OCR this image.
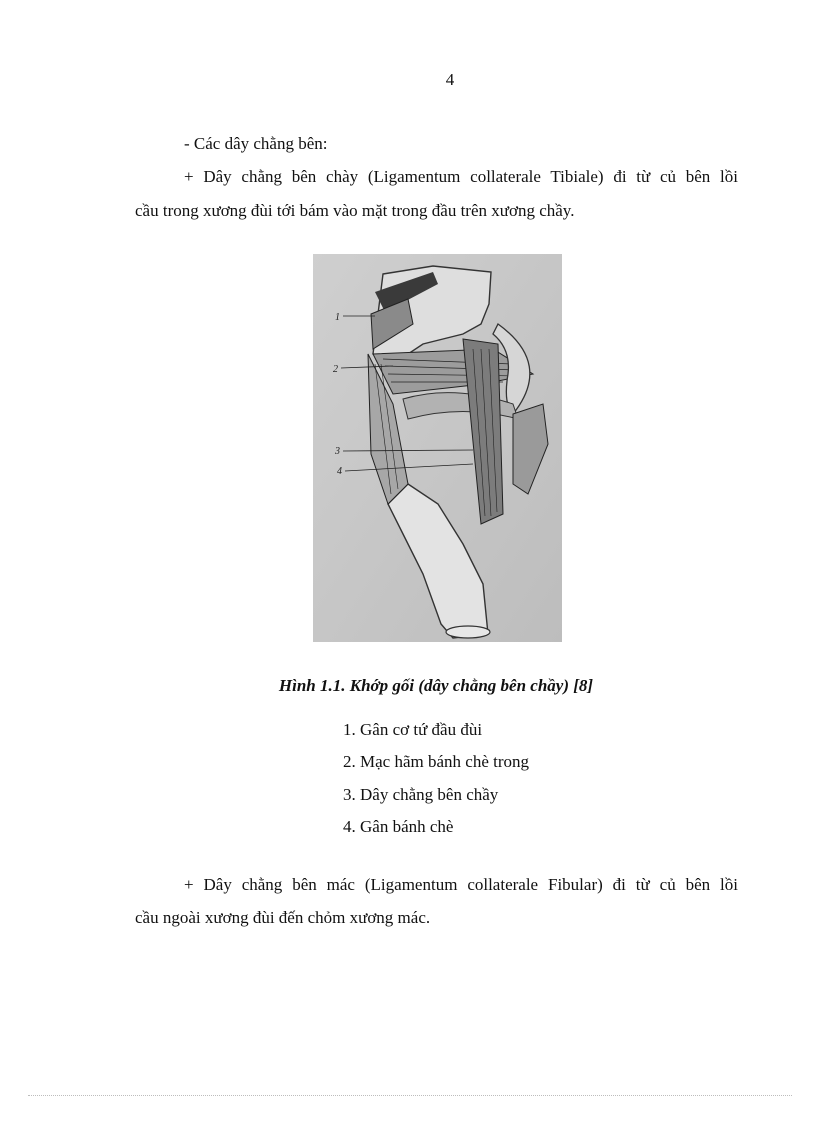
4
- Các dây chằng bên:
+ Dây chằng bên chày (Ligamentum collaterale Tibiale) đi từ củ bên lồi
cầu trong xương đùi tới bám vào mặt trong đầu trên xương chầy.
1
2
3
4
Hình 1.1. Khớp gối (dây chằng bên chầy) [8]
1. Gân cơ tứ đầu đùi
2. Mạc hãm bánh chè trong
3. Dây chằng bên chầy
4. Gân bánh chè
+ Dây chằng bên mác (Ligamentum collaterale Fibular) đi từ củ bên lồi
cầu ngoài xương đùi đến chỏm xương mác.
